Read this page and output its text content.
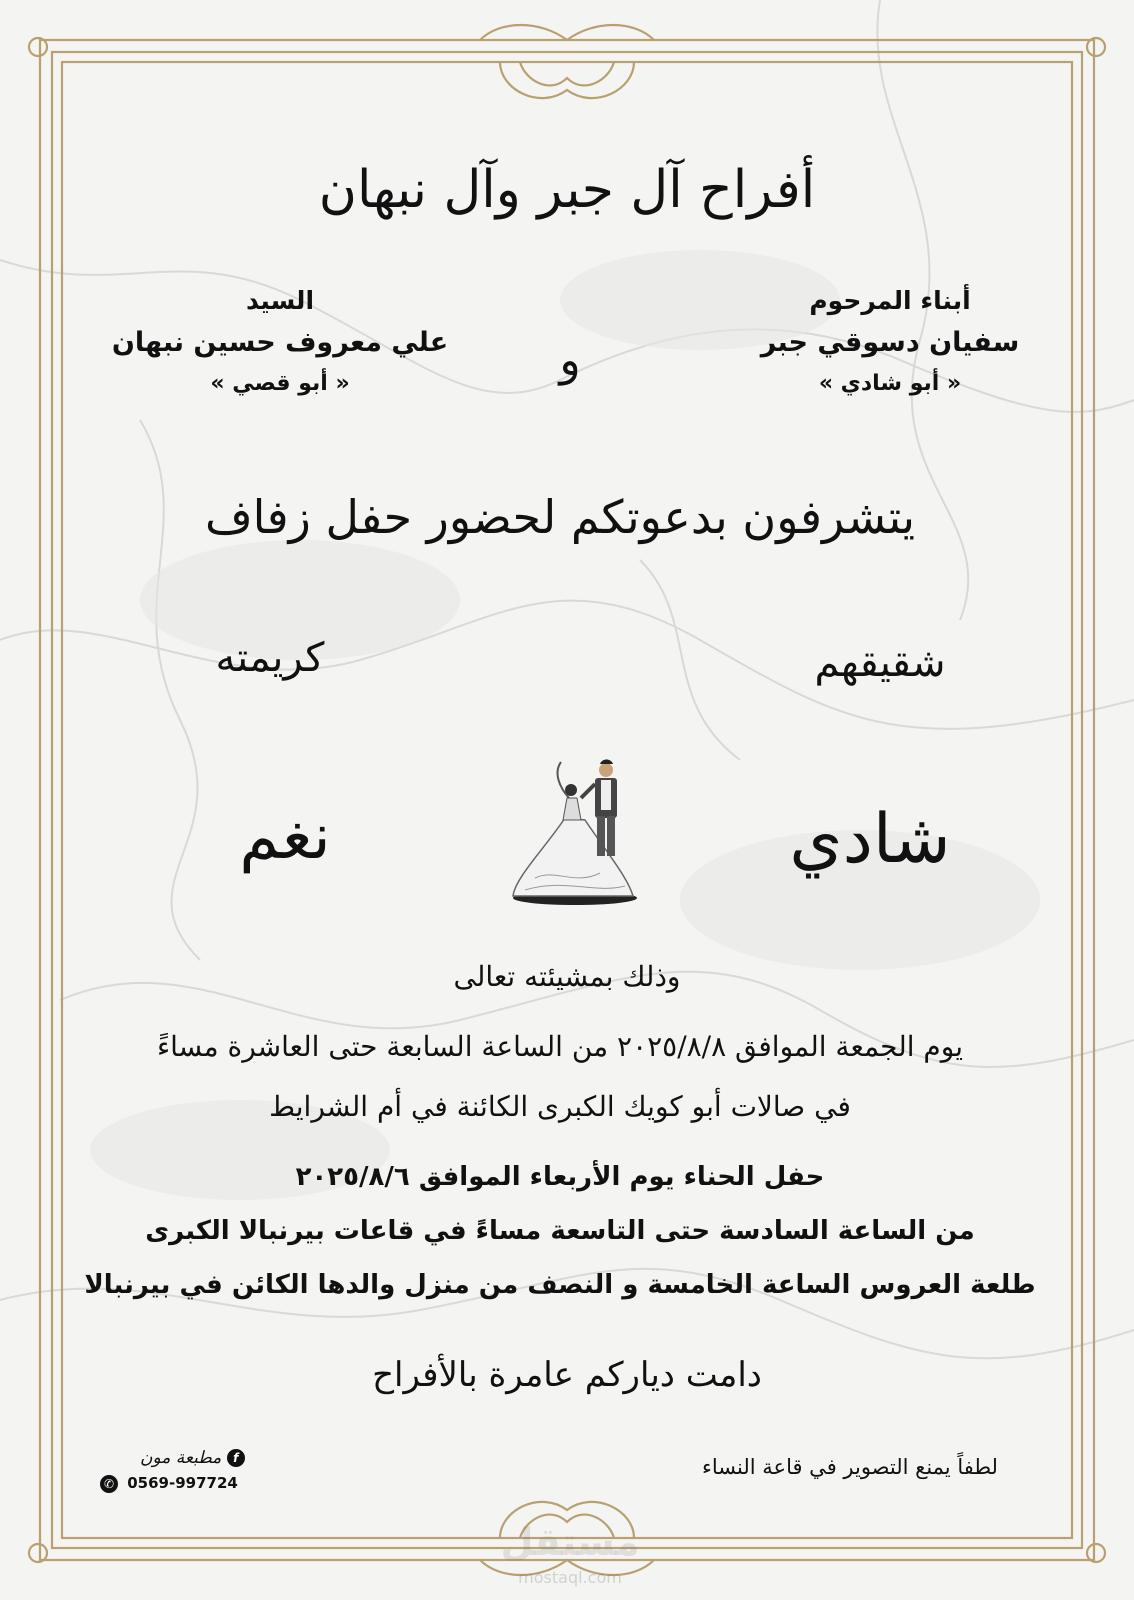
أفراح آل جبر وآل نبهان
أبناء المرحوم
سفيان دسوقي جبر
« أبو شادي »
و
السيد
علي معروف حسين نبهان
« أبو قصي »
يتشرفون بدعوتكم لحضور حفل زفاف
شقيقهم
كريمته
شادي
نغم
وذلك بمشيئته تعالى
يوم الجمعة الموافق ٢٠٢٥/٨/٨ من الساعة السابعة حتى العاشرة مساءً
في صالات أبو كويك الكبرى الكائنة في أم الشرايط
حفل الحناء يوم الأربعاء الموافق ٢٠٢٥/٨/٦
من الساعة السادسة حتى التاسعة مساءً في قاعات بيرنبالا الكبرى
طلعة العروس الساعة الخامسة و النصف من منزل والدها الكائن في بيرنبالا
دامت دياركم عامرة بالأفراح
لطفاً يمنع التصوير في قاعة النساء
f مطبعة مون
✆ 0569-997724
مستقل
mostaql.com
